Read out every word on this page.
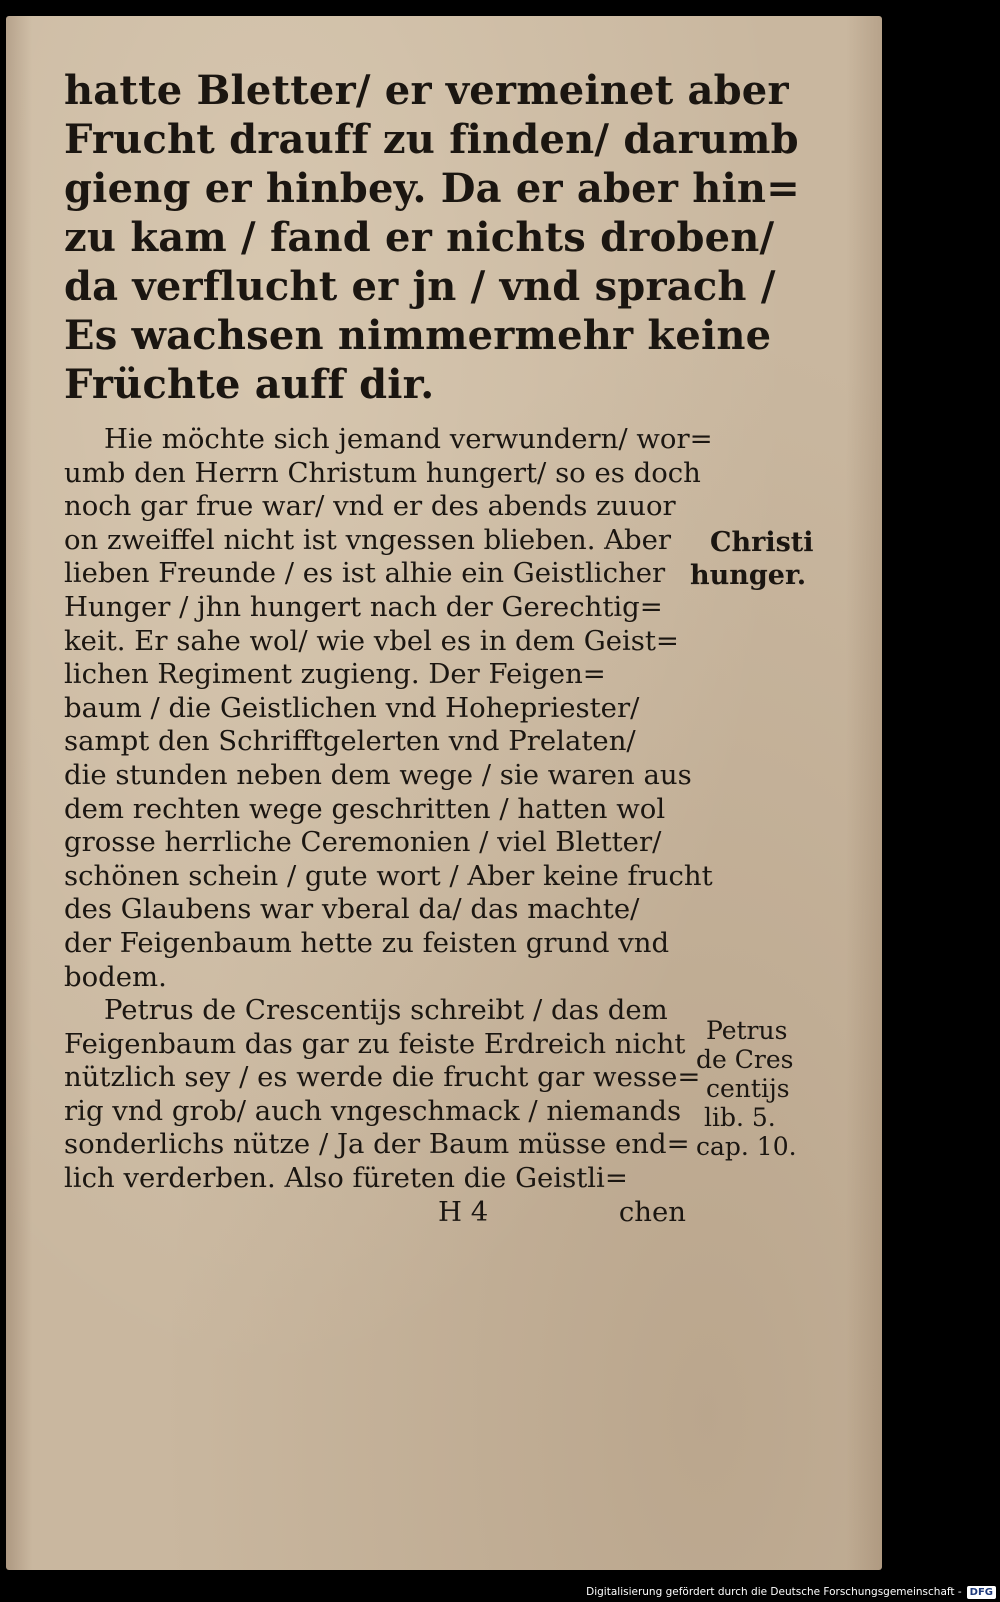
hatte Bletter/ er vermeinet aber
Frucht drauff zu finden/ darumb
gieng er hinbey. Da er aber hin=
zu kam / fand er nichts droben/
da verflucht er jn / vnd sprach /
Es wachsen nimmermehr keine
Früchte auff dir.
Hie möchte sich jemand verwundern/ wor=
umb den Herrn Christum hungert/ so es doch
noch gar frue war/ vnd er des abends zuuor
on zweiffel nicht ist vngessen blieben. Aber
lieben Freunde / es ist alhie ein Geistlicher
Hunger / jhn hungert nach der Gerechtig=
keit. Er sahe wol/ wie vbel es in dem Geist=
lichen Regiment zugieng. Der Feigen=
baum / die Geistlichen vnd Hohepriester/
sampt den Schrifftgelerten vnd Prelaten/
die stunden neben dem wege / sie waren aus
dem rechten wege geschritten / hatten wol
grosse herrliche Ceremonien / viel Bletter/
schönen schein / gute wort / Aber keine frucht
des Glaubens war vberal da/ das machte/
der Feigenbaum hette zu feisten grund vnd
bodem.
Petrus de Crescentijs schreibt / das dem
Feigenbaum das gar zu feiste Erdreich nicht
nützlich sey / es werde die frucht gar wesse=
rig vnd grob/ auch vngeschmack / niemands
sonderlichs nütze / Ja der Baum müsse end=
lich verderben. Also füreten die Geistli=
H 4	chen
Christi
hunger.
Petrus
de Cres
centijs
lib. 5.
cap. 10.
Digitalisierung gefördert durch die Deutsche Forschungsgemeinschaft - DFG
